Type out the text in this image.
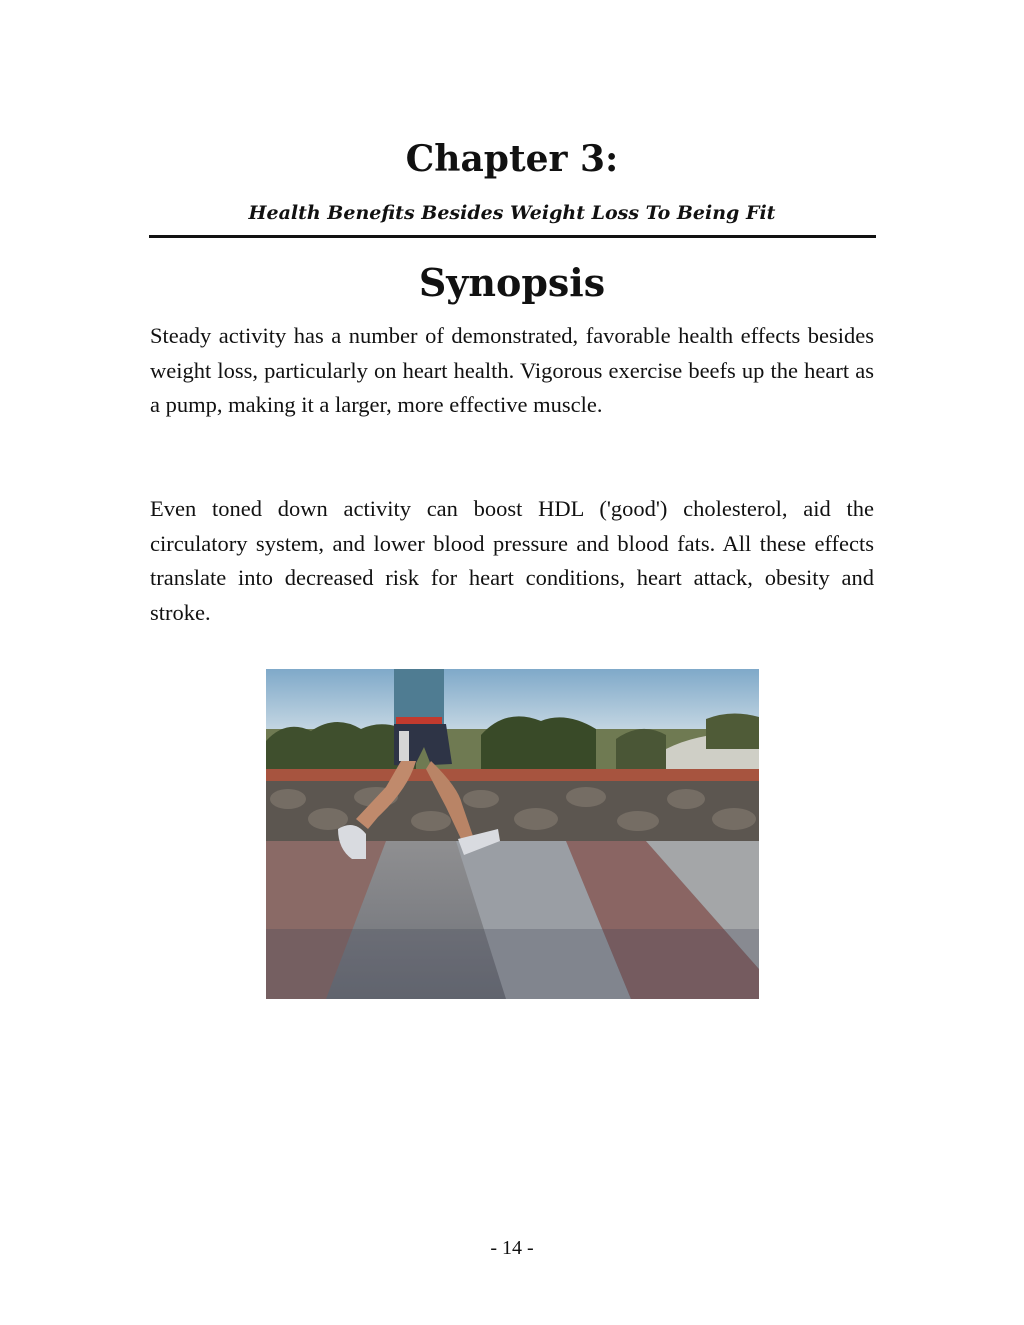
Chapter 3:
Health Benefits Besides Weight Loss To Being Fit
Synopsis

Steady activity has a number of demonstrated, favorable health effects besides weight loss, particularly on heart health. Vigorous exercise beefs up the heart as a pump, making it a larger, more effective muscle.

Even toned down activity can boost HDL ('good') cholesterol, aid the circulatory system, and lower blood pressure and blood fats. All these effects translate into decreased risk for heart conditions, heart attack, obesity and stroke.

- 14 -
